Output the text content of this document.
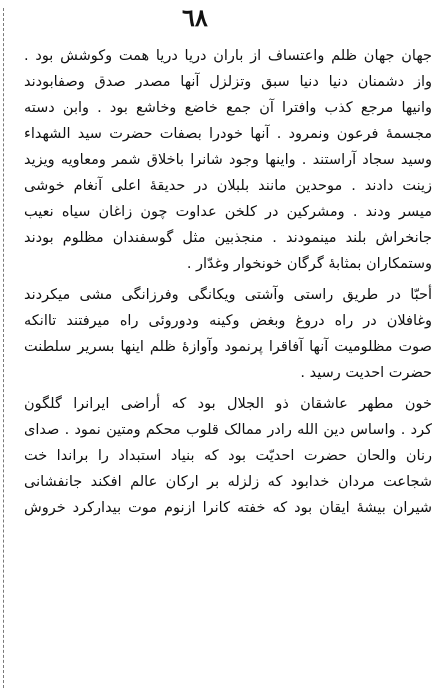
٦٨
جهان جهان ظلم واعتساف از باران دریا دریا همت وکوشش بود .
واز دشمنان دنیا دنیا سبق وتزلزل آنها مصدر صدق وصفابودند
وانیها مرجع کذب وافترا آن جمع خاضع وخاشع بود . وابن دسته
مجسمهٔ فرعون ونمرود . آنها خودرا بصفات حضرت سید الشهداء
وسید سجاد آراستند . واینها وجود شانرا باخلاق شمر ومعاویه ویزید
زینت دادند . موحدین مانند بلبلان در حدیقهٔ اعلی آنغام خوشی
میسر ودند . ومشرکین در کلخن عداوت چون زاغان سیاه نعیب
جانخراش بلند مینمودند . منجذبین مثل گوسفندان مظلوم بودند
وستمکاران بمثابهٔ گرگان خونخوار وغدّار .
أحبّا در طریق راستی وآشتی ویکانگی وفرزانگی مشی میکردند
وغافلان در راه دروغ وبغض وکینه ودوروئی راه میرفتند تاانکه
صوت مظلومیت آنها آفاقرا پرنمود وآوازهٔ ظلم اینها بسریر سلطنت
حضرت احدیت رسید .
خون مطهر عاشقان ذو الجلال بود که أراضی ایرانرا گلگون
کرد . واساس دین الله رادر ممالک قلوب محکم ومتین نمود . صدای
رنان والحان حضرت احدیّت بود که بنیاد استبداد را براندا خت
شجاعت مردان خدابود که زلزله بر ارکان عالم افکند جانفشانی
شیران بیشهٔ ایقان بود که خفته کانرا ازنوم موت بیدارکرد خروش
